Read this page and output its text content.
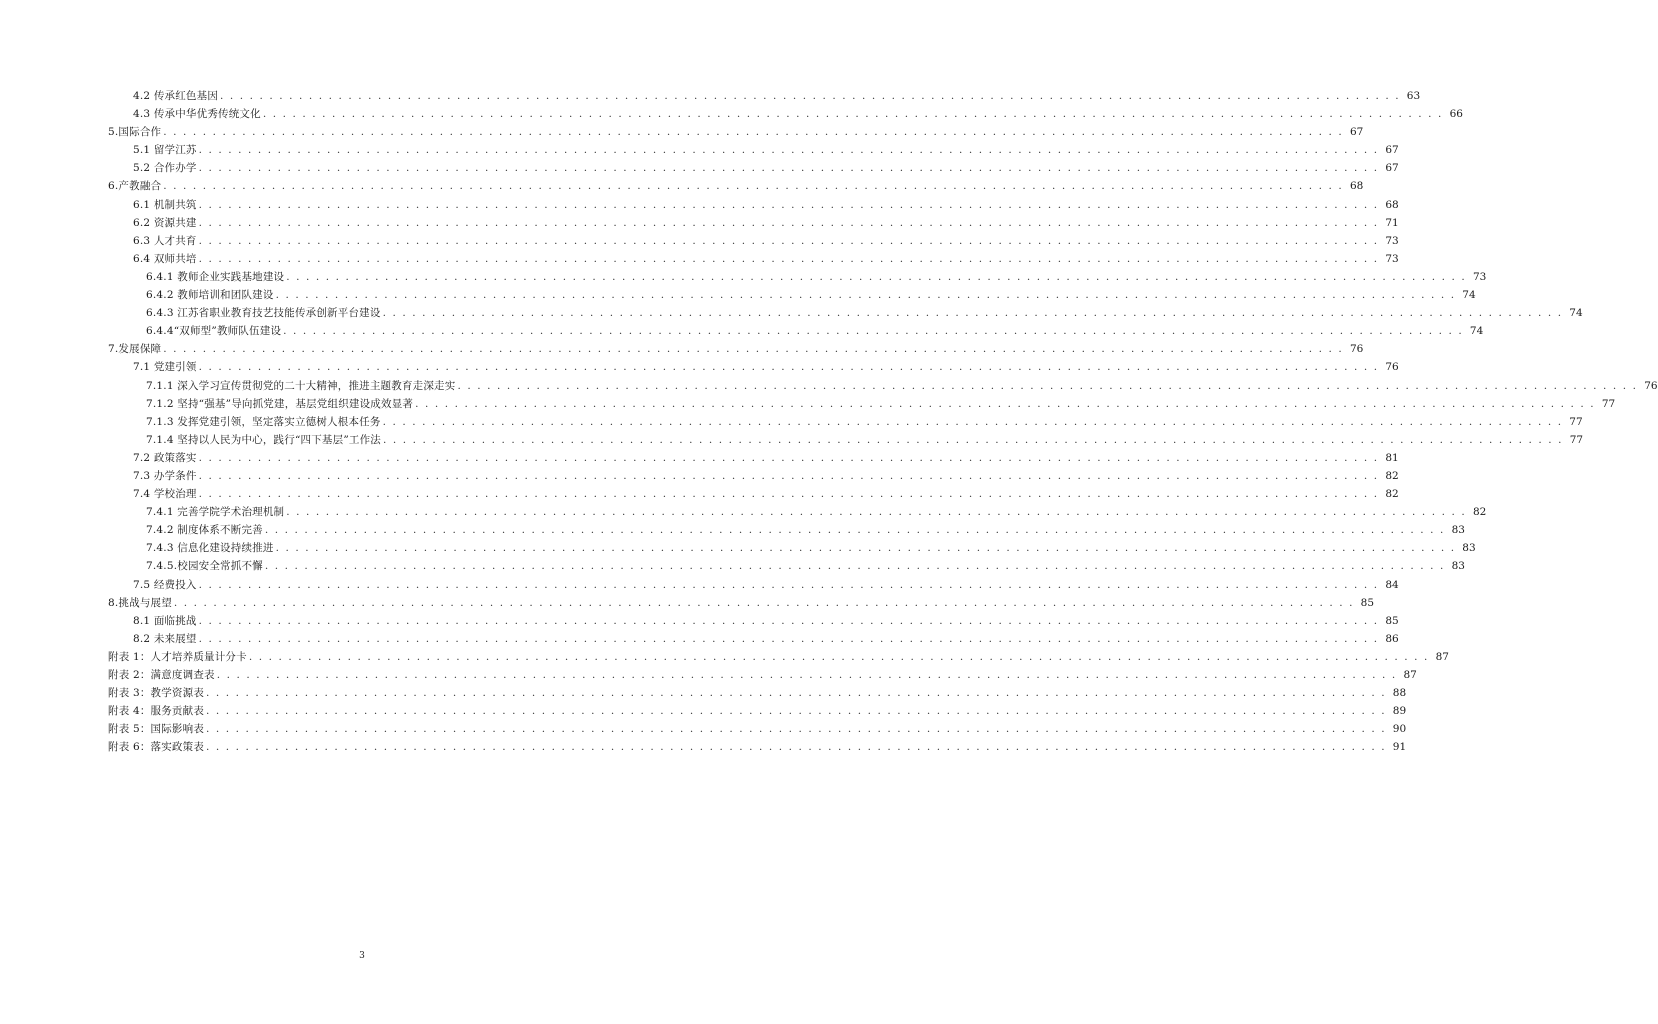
4.2 传承红色基因 . . . . . . . . . . . . . . . . . . . . . . . . . . . . . . . . . . . . . . . . . . . . . . . . . . . . . . . . . . . . . . . . . . . . . . . . . . . . . . . . . . . . . . . . . . . . . . . . . . . . . . . . . . . . . . . . . . . . . . . . 63
4.3 传承中华优秀传统文化 . . . . . . . . . . . . . . . . . . . . . . . . . . . . . . . . . . . . . . . . . . . . . . . . . . . . . . . . . . . . . . . . . . . . . . . . . . . . . . . . . . . . . . . . . . . . . . . . . . . . . . . . . . . . . . . . . . . . . . . . 66
5.国际合作 . . . . . . . . . . . . . . . . . . . . . . . . . . . . . . . . . . . . . . . . . . . . . . . . . . . . . . . . . . . . . . . . . . . . . . . . . . . . . . . . . . . . . . . . . . . . . . . . . . . . . . . . . . . . . . . . . . . . . . . . 67
5.1 留学江苏 . . . . . . . . . . . . . . . . . . . . . . . . . . . . . . . . . . . . . . . . . . . . . . . . . . . . . . . . . . . . . . . . . . . . . . . . . . . . . . . . . . . . . . . . . . . . . . . . . . . . . . . . . . . . . . . . . . . . . . . . 67
5.2 合作办学 . . . . . . . . . . . . . . . . . . . . . . . . . . . . . . . . . . . . . . . . . . . . . . . . . . . . . . . . . . . . . . . . . . . . . . . . . . . . . . . . . . . . . . . . . . . . . . . . . . . . . . . . . . . . . . . . . . . . . . . . 67
6.产教融合 . . . . . . . . . . . . . . . . . . . . . . . . . . . . . . . . . . . . . . . . . . . . . . . . . . . . . . . . . . . . . . . . . . . . . . . . . . . . . . . . . . . . . . . . . . . . . . . . . . . . . . . . . . . . . . . . . . . . . . . . 68
6.1 机制共筑 . . . . . . . . . . . . . . . . . . . . . . . . . . . . . . . . . . . . . . . . . . . . . . . . . . . . . . . . . . . . . . . . . . . . . . . . . . . . . . . . . . . . . . . . . . . . . . . . . . . . . . . . . . . . . . . . . . . . . . . . 68
6.2 资源共建 . . . . . . . . . . . . . . . . . . . . . . . . . . . . . . . . . . . . . . . . . . . . . . . . . . . . . . . . . . . . . . . . . . . . . . . . . . . . . . . . . . . . . . . . . . . . . . . . . . . . . . . . . . . . . . . . . . . . . . . . 71
6.3 人才共育 . . . . . . . . . . . . . . . . . . . . . . . . . . . . . . . . . . . . . . . . . . . . . . . . . . . . . . . . . . . . . . . . . . . . . . . . . . . . . . . . . . . . . . . . . . . . . . . . . . . . . . . . . . . . . . . . . . . . . . . . 73
6.4 双师共培 . . . . . . . . . . . . . . . . . . . . . . . . . . . . . . . . . . . . . . . . . . . . . . . . . . . . . . . . . . . . . . . . . . . . . . . . . . . . . . . . . . . . . . . . . . . . . . . . . . . . . . . . . . . . . . . . . . . . . . . . 73
6.4.1 教师企业实践基地建设 . . . . . . . . . . . . . . . . . . . . . . . . . . . . . . . . . . . . . . . . . . . . . . . . . . . . . . . . . . . . . . . . . . . . . . . . . . . . . . . . . . . . . . . . . . . . . . . . . . . . . . . . . . . . . . . . . . . . . . . . 73
6.4.2 教师培训和团队建设 . . . . . . . . . . . . . . . . . . . . . . . . . . . . . . . . . . . . . . . . . . . . . . . . . . . . . . . . . . . . . . . . . . . . . . . . . . . . . . . . . . . . . . . . . . . . . . . . . . . . . . . . . . . . . . . . . . . . . . . . 74
6.4.3 江苏省职业教育技艺技能传承创新平台建设 . . . . . . . . . . . . . . . . . . . . . . . . . . . . . . . . . . . . . . . . . . . . . . . . . . . . . . . . . . . . . . . . . . . . . . . . . . . . . . . . . . . . . . . . . . . . . . . . . . . . . . . . . . . . . . . . . . . . . . . . 74
6.4.4“双师型”教师队伍建设 . . . . . . . . . . . . . . . . . . . . . . . . . . . . . . . . . . . . . . . . . . . . . . . . . . . . . . . . . . . . . . . . . . . . . . . . . . . . . . . . . . . . . . . . . . . . . . . . . . . . . . . . . . . . . . . . . . . . . . . . 74
7.发展保障 . . . . . . . . . . . . . . . . . . . . . . . . . . . . . . . . . . . . . . . . . . . . . . . . . . . . . . . . . . . . . . . . . . . . . . . . . . . . . . . . . . . . . . . . . . . . . . . . . . . . . . . . . . . . . . . . . . . . . . . . 76
7.1 党建引领 . . . . . . . . . . . . . . . . . . . . . . . . . . . . . . . . . . . . . . . . . . . . . . . . . . . . . . . . . . . . . . . . . . . . . . . . . . . . . . . . . . . . . . . . . . . . . . . . . . . . . . . . . . . . . . . . . . . . . . . . 76
7.1.1 深入学习宣传贯彻党的二十大精神，推进主题教育走深走实 . . . . . . . . . . . . . . . . . . . . . . . . . . . . . . . . . . . . . . . . . . . . . . . . . . . . . . . . . . . . . . . . . . . . . . . . . . . . . . . . . . . . . . . . . . . . . . . . . . . . . . . . . . . . . . . . . . . . . . . . 76
7.1.2 坚持“强基”导向抓党建，基层党组织建设成效显著 . . . . . . . . . . . . . . . . . . . . . . . . . . . . . . . . . . . . . . . . . . . . . . . . . . . . . . . . . . . . . . . . . . . . . . . . . . . . . . . . . . . . . . . . . . . . . . . . . . . . . . . . . . . . . . . . . . . . . . . . 77
7.1.3 发挥党建引领，坚定落实立德树人根本任务 . . . . . . . . . . . . . . . . . . . . . . . . . . . . . . . . . . . . . . . . . . . . . . . . . . . . . . . . . . . . . . . . . . . . . . . . . . . . . . . . . . . . . . . . . . . . . . . . . . . . . . . . . . . . . . . . . . . . . . . . 77
7.1.4 坚持以人民为中心，践行“四下基层”工作法 . . . . . . . . . . . . . . . . . . . . . . . . . . . . . . . . . . . . . . . . . . . . . . . . . . . . . . . . . . . . . . . . . . . . . . . . . . . . . . . . . . . . . . . . . . . . . . . . . . . . . . . . . . . . . . . . . . . . . . . . 77
7.2 政策落实 . . . . . . . . . . . . . . . . . . . . . . . . . . . . . . . . . . . . . . . . . . . . . . . . . . . . . . . . . . . . . . . . . . . . . . . . . . . . . . . . . . . . . . . . . . . . . . . . . . . . . . . . . . . . . . . . . . . . . . . . 81
7.3 办学条件 . . . . . . . . . . . . . . . . . . . . . . . . . . . . . . . . . . . . . . . . . . . . . . . . . . . . . . . . . . . . . . . . . . . . . . . . . . . . . . . . . . . . . . . . . . . . . . . . . . . . . . . . . . . . . . . . . . . . . . . . 82
7.4 学校治理 . . . . . . . . . . . . . . . . . . . . . . . . . . . . . . . . . . . . . . . . . . . . . . . . . . . . . . . . . . . . . . . . . . . . . . . . . . . . . . . . . . . . . . . . . . . . . . . . . . . . . . . . . . . . . . . . . . . . . . . . 82
7.4.1 完善学院学术治理机制 . . . . . . . . . . . . . . . . . . . . . . . . . . . . . . . . . . . . . . . . . . . . . . . . . . . . . . . . . . . . . . . . . . . . . . . . . . . . . . . . . . . . . . . . . . . . . . . . . . . . . . . . . . . . . . . . . . . . . . . . 82
7.4.2 制度体系不断完善 . . . . . . . . . . . . . . . . . . . . . . . . . . . . . . . . . . . . . . . . . . . . . . . . . . . . . . . . . . . . . . . . . . . . . . . . . . . . . . . . . . . . . . . . . . . . . . . . . . . . . . . . . . . . . . . . . . . . . . . . 83
7.4.3 信息化建设持续推进 . . . . . . . . . . . . . . . . . . . . . . . . . . . . . . . . . . . . . . . . . . . . . . . . . . . . . . . . . . . . . . . . . . . . . . . . . . . . . . . . . . . . . . . . . . . . . . . . . . . . . . . . . . . . . . . . . . . . . . . . 83
7.4.5.校园安全常抓不懈 . . . . . . . . . . . . . . . . . . . . . . . . . . . . . . . . . . . . . . . . . . . . . . . . . . . . . . . . . . . . . . . . . . . . . . . . . . . . . . . . . . . . . . . . . . . . . . . . . . . . . . . . . . . . . . . . . . . . . . . . 83
7.5 经费投入 . . . . . . . . . . . . . . . . . . . . . . . . . . . . . . . . . . . . . . . . . . . . . . . . . . . . . . . . . . . . . . . . . . . . . . . . . . . . . . . . . . . . . . . . . . . . . . . . . . . . . . . . . . . . . . . . . . . . . . . . 84
8.挑战与展望 . . . . . . . . . . . . . . . . . . . . . . . . . . . . . . . . . . . . . . . . . . . . . . . . . . . . . . . . . . . . . . . . . . . . . . . . . . . . . . . . . . . . . . . . . . . . . . . . . . . . . . . . . . . . . . . . . . . . . . . . 85
8.1 面临挑战 . . . . . . . . . . . . . . . . . . . . . . . . . . . . . . . . . . . . . . . . . . . . . . . . . . . . . . . . . . . . . . . . . . . . . . . . . . . . . . . . . . . . . . . . . . . . . . . . . . . . . . . . . . . . . . . . . . . . . . . . 85
8.2 未来展望 . . . . . . . . . . . . . . . . . . . . . . . . . . . . . . . . . . . . . . . . . . . . . . . . . . . . . . . . . . . . . . . . . . . . . . . . . . . . . . . . . . . . . . . . . . . . . . . . . . . . . . . . . . . . . . . . . . . . . . . . 86
附表 1：人才培养质量计分卡 . . . . . . . . . . . . . . . . . . . . . . . . . . . . . . . . . . . . . . . . . . . . . . . . . . . . . . . . . . . . . . . . . . . . . . . . . . . . . . . . . . . . . . . . . . . . . . . . . . . . . . . . . . . . . . . . . . . . . . . . 87
附表 2：满意度调查表 . . . . . . . . . . . . . . . . . . . . . . . . . . . . . . . . . . . . . . . . . . . . . . . . . . . . . . . . . . . . . . . . . . . . . . . . . . . . . . . . . . . . . . . . . . . . . . . . . . . . . . . . . . . . . . . . . . . . . . . . 87
附表 3：教学资源表 . . . . . . . . . . . . . . . . . . . . . . . . . . . . . . . . . . . . . . . . . . . . . . . . . . . . . . . . . . . . . . . . . . . . . . . . . . . . . . . . . . . . . . . . . . . . . . . . . . . . . . . . . . . . . . . . . . . . . . . . 88
附表 4：服务贡献表 . . . . . . . . . . . . . . . . . . . . . . . . . . . . . . . . . . . . . . . . . . . . . . . . . . . . . . . . . . . . . . . . . . . . . . . . . . . . . . . . . . . . . . . . . . . . . . . . . . . . . . . . . . . . . . . . . . . . . . . . 89
附表 5：国际影响表 . . . . . . . . . . . . . . . . . . . . . . . . . . . . . . . . . . . . . . . . . . . . . . . . . . . . . . . . . . . . . . . . . . . . . . . . . . . . . . . . . . . . . . . . . . . . . . . . . . . . . . . . . . . . . . . . . . . . . . . . 90
附表 6：落实政策表 . . . . . . . . . . . . . . . . . . . . . . . . . . . . . . . . . . . . . . . . . . . . . . . . . . . . . . . . . . . . . . . . . . . . . . . . . . . . . . . . . . . . . . . . . . . . . . . . . . . . . . . . . . . . . . . . . . . . . . . . 91
3
